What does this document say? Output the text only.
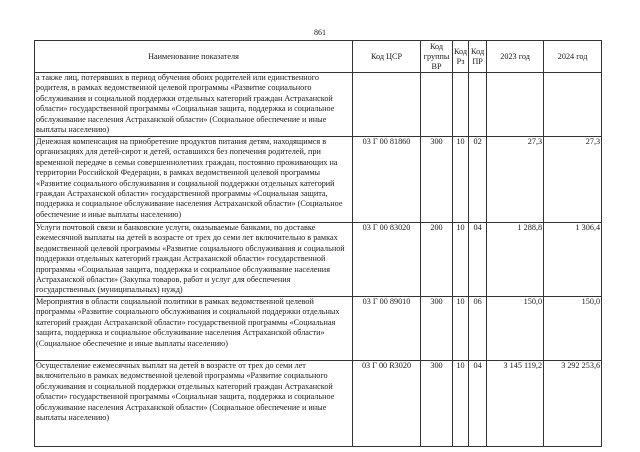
861
Наименование показателя	Код ЦСР	Код группы ВР	Код Рз	Код ПР	2023 год	2024 год
а также лиц, потерявших в период обучения обоих родителей или единственного родителя, в рамках ведомственной целевой программы «Развитие социального обслуживания и социальной поддержки отдельных категорий граждан Астраханской области» государственной программы «Социальная защита, поддержка и социальное обслуживание населения Астраханской области» (Социальное обеспечение и иные выплаты населению)						
Денежная компенсация на приобретение продуктов питания детям, находящимся в организациях для детей-сирот и детей, оставшихся без попечения родителей, при временной передаче в семьи совершеннолетних граждан, постоянно проживающих на территории Российской Федерации, в рамках ведомственной целевой программы «Развитие социального обслуживания и социальной поддержки отдельных категорий граждан Астраханской области» государственной программы «Социальная защита, поддержка и социальное обслуживание населения Астраханской области» (Социальное обеспечение и иные выплаты населению)	03 Г 00 81860	300	10	02	27,3	27,3
Услуги почтовой связи и банковские услуги, оказываемые банками, по доставке ежемесячной выплаты на детей в возрасте от трех до семи лет включительно в рамках ведомственной целевой программы «Развитие социального обслуживания и социальной поддержки отдельных категорий граждан Астраханской области» государственной программы «Социальная защита, поддержка и социальное обслуживание населения Астраханской области» (Закупка товаров, работ и услуг для обеспечения государственных (муниципальных) нужд)	03 Г 00 83020	200	10	04	1 288,8	1 306,4
Мероприятия в области социальной политики в рамках ведомственной целевой программы «Развитие социального обслуживания и социальной поддержки отдельных категорий граждан Астраханской области» государственной программы «Социальная защита, поддержка и социальное обслуживание населения Астраханской области» (Социальное обеспечение и иные выплаты населению)	03 Г 00 89010	300	10	06	150,0	150,0
Осуществление ежемесячных выплат на детей в возрасте от трех до семи лет включительно в рамках ведомственной целевой программы «Развитие социального обслуживания и социальной поддержки отдельных категорий граждан Астраханской области» государственной программы «Социальная защита, поддержка и социальное обслуживание населения Астраханской области» (Социальное обеспечение и иные выплаты населению)	03 Г 00 R3020	300	10	04	3 145 119,2	3 292 253,6
